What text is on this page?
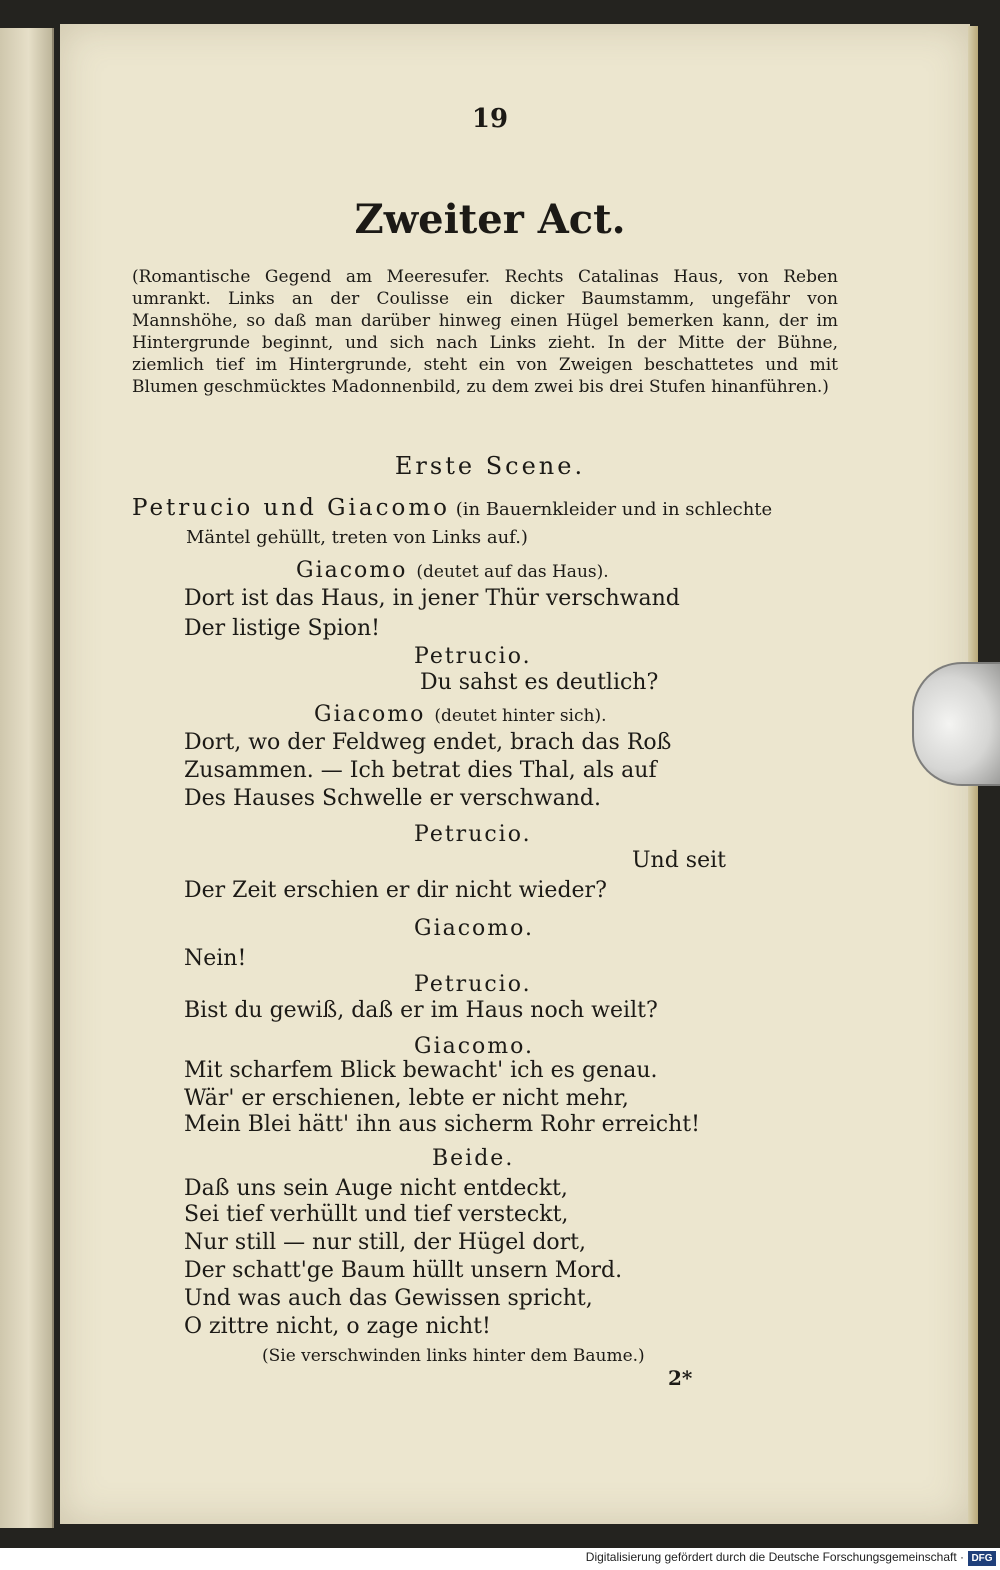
19
Zweiter Act.
(Romantische Gegend am Meeresufer. Rechts Catalinas Haus, von Reben umrankt. Links an der Coulisse ein dicker Baumstamm, ungefähr von Mannshöhe, so daß man darüber hinweg einen Hügel bemerken kann, der im Hintergrunde beginnt, und sich nach Links zieht. In der Mitte der Bühne, ziemlich tief im Hintergrunde, steht ein von Zweigen beschattetes und mit Blumen geschmücktes Madonnenbild, zu dem zwei bis drei Stufen hinanführen.)
Erste Scene.
Petrucio und Giacomo (in Bauernkleider und in schlechte
Mäntel gehüllt, treten von Links auf.)
Giacomo (deutet auf das Haus).
Dort ist das Haus, in jener Thür verschwand
Der listige Spion!
Petrucio.
Du sahst es deutlich?
Giacomo (deutet hinter sich).
Dort, wo der Feldweg endet, brach das Roß
Zusammen. — Ich betrat dies Thal, als auf
Des Hauses Schwelle er verschwand.
Petrucio.
Und seit
Der Zeit erschien er dir nicht wieder?
Giacomo.
Nein!
Petrucio.
Bist du gewiß, daß er im Haus noch weilt?
Giacomo.
Mit scharfem Blick bewacht' ich es genau.
Wär' er erschienen, lebte er nicht mehr,
Mein Blei hätt' ihn aus sicherm Rohr erreicht!
Beide.
Daß uns sein Auge nicht entdeckt,
Sei tief verhüllt und tief versteckt,
Nur still — nur still, der Hügel dort,
Der schatt'ge Baum hüllt unsern Mord.
Und was auch das Gewissen spricht,
O zittre nicht, o zage nicht!
(Sie verschwinden links hinter dem Baume.)
2*
Digitalisierung gefördert durch die Deutsche Forschungsgemeinschaft · DFG
